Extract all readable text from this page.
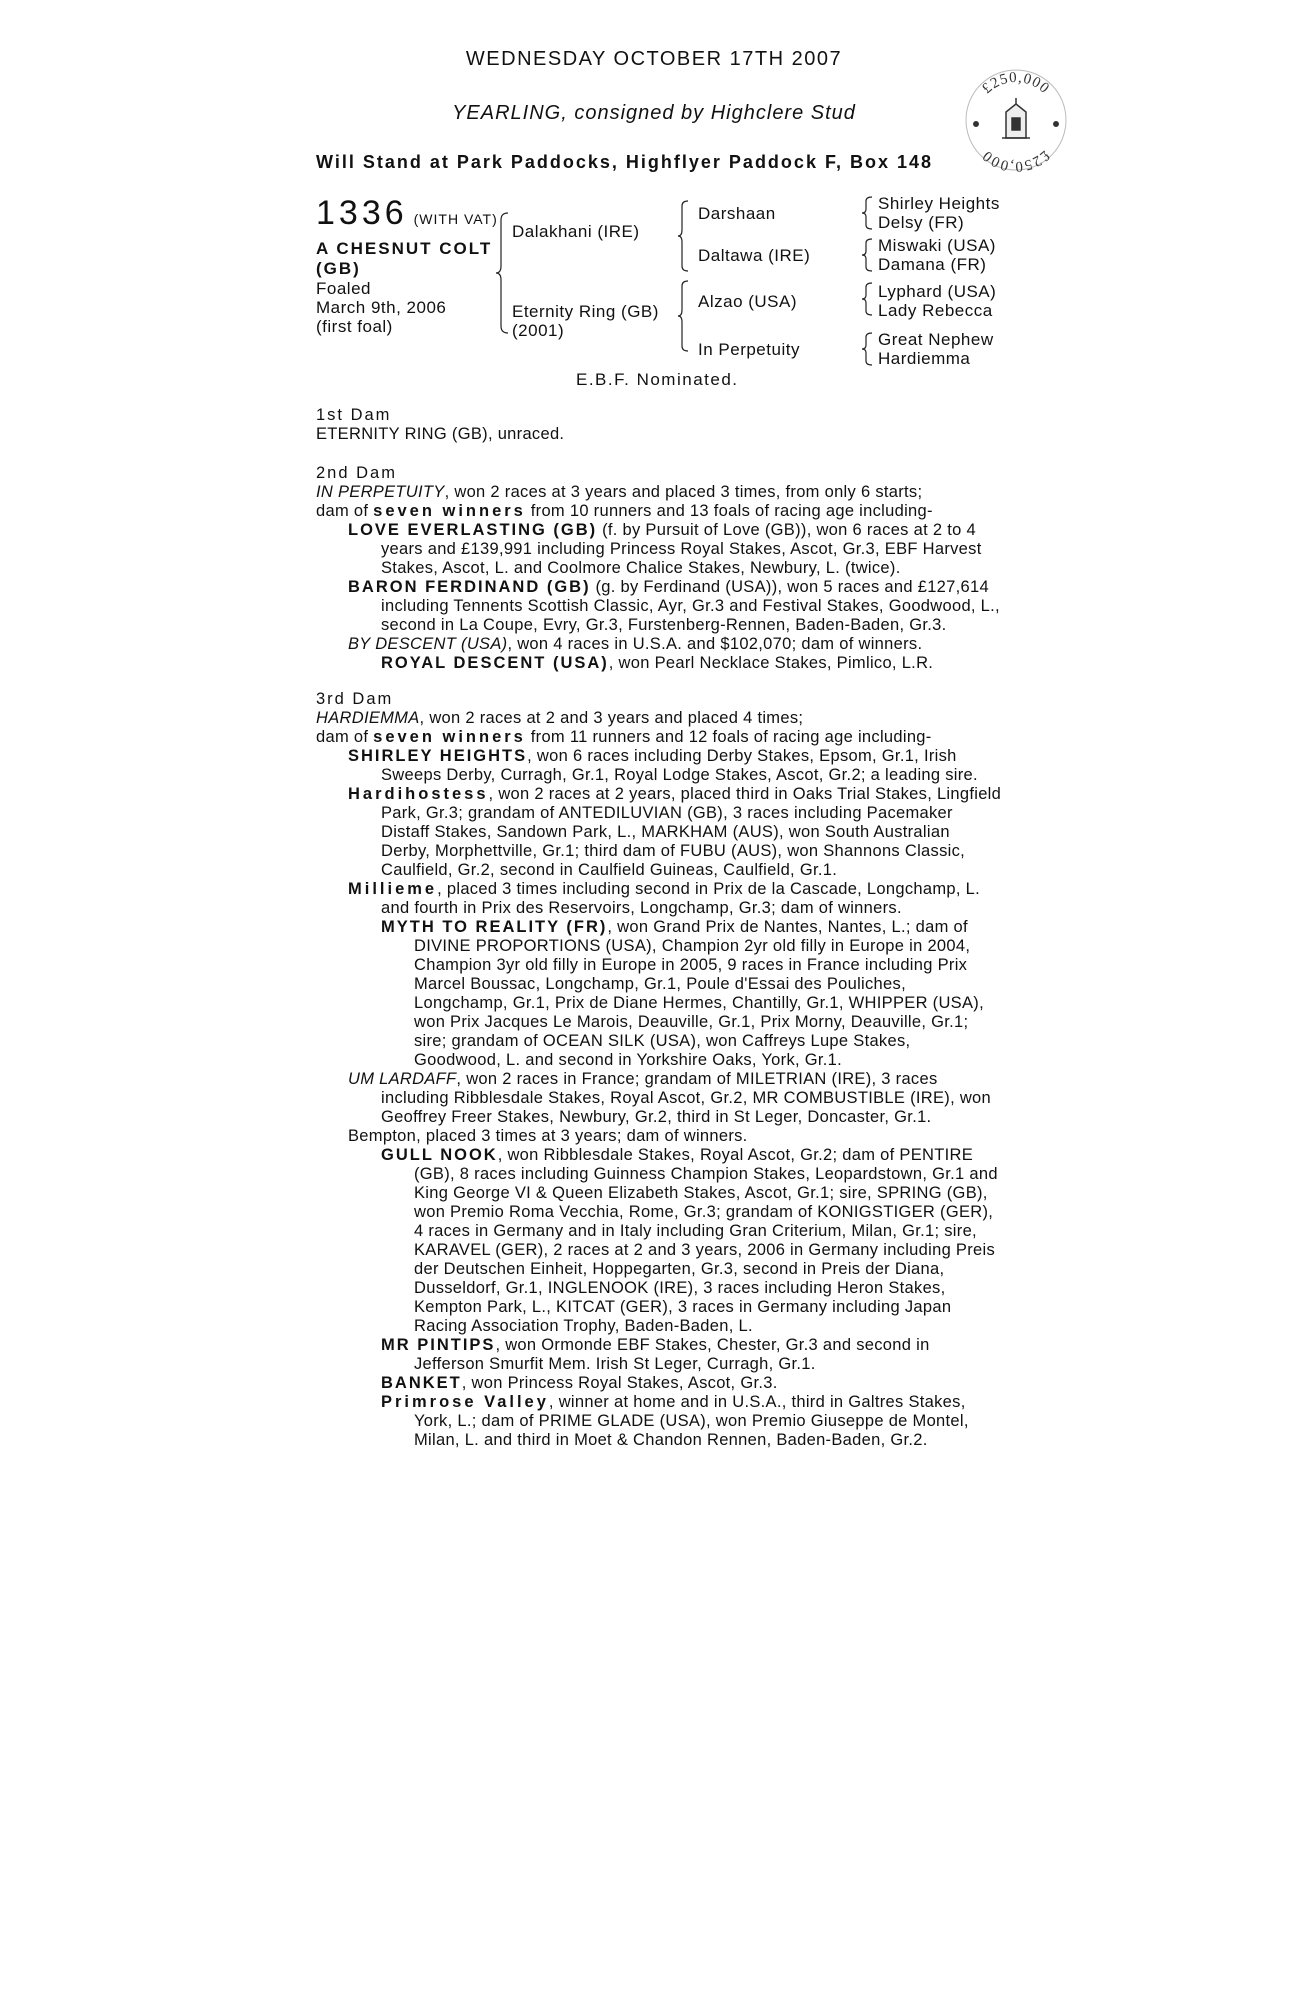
WEDNESDAY OCTOBER 17TH 2007
YEARLING, consigned by Highclere Stud
Will Stand at Park Paddocks, Highflyer Paddock F, Box 148
£250,000
£250,000
1336 (WITH VAT)
A CHESNUT COLT
(GB)
Foaled
March 9th, 2006
(first foal)
Dalakhani (IRE)
Eternity Ring (GB)
(2001)
Darshaan
Daltawa (IRE)
Alzao (USA)
In Perpetuity
Shirley Heights
Delsy (FR)
Miswaki (USA)
Damana (FR)
Lyphard (USA)
Lady Rebecca
Great Nephew
Hardiemma
E.B.F. Nominated.

1st Dam

ETERNITY RING (GB), unraced.

2nd Dam

IN PERPETUITY, won 2 races at 3 years and placed 3 times, from only 6 starts;

dam of seven winners from 10 runners and 13 foals of racing age including-

LOVE EVERLASTING (GB) (f. by Pursuit of Love (GB)), won 6 races at 2 to 4 years and £139,991 including Princess Royal Stakes, Ascot, Gr.3, EBF Harvest Stakes, Ascot, L. and Coolmore Chalice Stakes, Newbury, L. (twice).

BARON FERDINAND (GB) (g. by Ferdinand (USA)), won 5 races and £127,614 including Tennents Scottish Classic, Ayr, Gr.3 and Festival Stakes, Goodwood, L., second in La Coupe, Evry, Gr.3, Furstenberg-Rennen, Baden-Baden, Gr.3.

BY DESCENT (USA), won 4 races in U.S.A. and $102,070; dam of winners.

ROYAL DESCENT (USA), won Pearl Necklace Stakes, Pimlico, L.R.

3rd Dam

HARDIEMMA, won 2 races at 2 and 3 years and placed 4 times;

dam of seven winners from 11 runners and 12 foals of racing age including-

SHIRLEY HEIGHTS, won 6 races including Derby Stakes, Epsom, Gr.1, Irish Sweeps Derby, Curragh, Gr.1, Royal Lodge Stakes, Ascot, Gr.2; a leading sire.

Hardihostess, won 2 races at 2 years, placed third in Oaks Trial Stakes, Lingfield Park, Gr.3; grandam of ANTEDILUVIAN (GB), 3 races including Pacemaker Distaff Stakes, Sandown Park, L., MARKHAM (AUS), won South Australian Derby, Morphettville, Gr.1; third dam of FUBU (AUS), won Shannons Classic, Caulfield, Gr.2, second in Caulfield Guineas, Caulfield, Gr.1.

Millieme, placed 3 times including second in Prix de la Cascade, Longchamp, L. and fourth in Prix des Reservoirs, Longchamp, Gr.3; dam of winners.

MYTH TO REALITY (FR), won Grand Prix de Nantes, Nantes, L.; dam of DIVINE PROPORTIONS (USA), Champion 2yr old filly in Europe in 2004, Champion 3yr old filly in Europe in 2005, 9 races in France including Prix Marcel Boussac, Longchamp, Gr.1, Poule d'Essai des Pouliches, Longchamp, Gr.1, Prix de Diane Hermes, Chantilly, Gr.1, WHIPPER (USA), won Prix Jacques Le Marois, Deauville, Gr.1, Prix Morny, Deauville, Gr.1; sire; grandam of OCEAN SILK (USA), won Caffreys Lupe Stakes, Goodwood, L. and second in Yorkshire Oaks, York, Gr.1.

UM LARDAFF, won 2 races in France; grandam of MILETRIAN (IRE), 3 races including Ribblesdale Stakes, Royal Ascot, Gr.2, MR COMBUSTIBLE (IRE), won Geoffrey Freer Stakes, Newbury, Gr.2, third in St Leger, Doncaster, Gr.1.

Bempton, placed 3 times at 3 years; dam of winners.

GULL NOOK, won Ribblesdale Stakes, Royal Ascot, Gr.2; dam of PENTIRE (GB), 8 races including Guinness Champion Stakes, Leopardstown, Gr.1 and King George VI & Queen Elizabeth Stakes, Ascot, Gr.1; sire, SPRING (GB), won Premio Roma Vecchia, Rome, Gr.3; grandam of KONIGSTIGER (GER), 4 races in Germany and in Italy including Gran Criterium, Milan, Gr.1; sire, KARAVEL (GER), 2 races at 2 and 3 years, 2006 in Germany including Preis der Deutschen Einheit, Hoppegarten, Gr.3, second in Preis der Diana, Dusseldorf, Gr.1, INGLENOOK (IRE), 3 races including Heron Stakes, Kempton Park, L., KITCAT (GER), 3 races in Germany including Japan Racing Association Trophy, Baden-Baden, L.

MR PINTIPS, won Ormonde EBF Stakes, Chester, Gr.3 and second in Jefferson Smurfit Mem. Irish St Leger, Curragh, Gr.1.

BANKET, won Princess Royal Stakes, Ascot, Gr.3.

Primrose Valley, winner at home and in U.S.A., third in Galtres Stakes, York, L.; dam of PRIME GLADE (USA), won Premio Giuseppe de Montel, Milan, L. and third in Moet & Chandon Rennen, Baden-Baden, Gr.2.
